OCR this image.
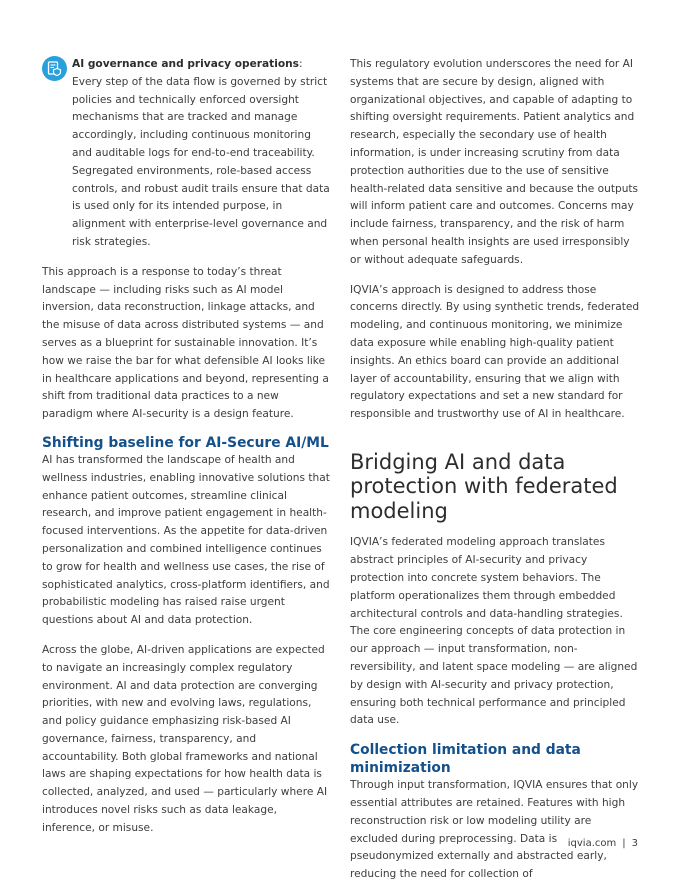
AI governance and privacy operations: Every step of the data flow is governed by strict policies and technically enforced oversight mechanisms that are tracked and manage accordingly, including continuous monitoring and auditable logs for end-to-end traceability. Segregated environments, role-based access controls, and robust audit trails ensure that data is used only for its intended purpose, in alignment with enterprise-level governance and risk strategies.

This approach is a response to today’s threat landscape — including risks such as AI model inversion, data reconstruction, linkage attacks, and the misuse of data across distributed systems — and serves as a blueprint for sustainable innovation. It’s how we raise the bar for what defensible AI looks like in healthcare applications and beyond, representing a shift from traditional data practices to a new paradigm where AI-security is a design feature.

Shifting baseline for AI-Secure AI/ML

AI has transformed the landscape of health and wellness industries, enabling innovative solutions that enhance patient outcomes, streamline clinical research, and improve patient engagement in health-focused interventions. As the appetite for data-driven personalization and combined intelligence continues to grow for health and wellness use cases, the rise of sophisticated analytics, cross-platform identifiers, and probabilistic modeling has raised raise urgent questions about AI and data protection.

Across the globe, AI-driven applications are expected to navigate an increasingly complex regulatory environment. AI and data protection are converging priorities, with new and evolving laws, regulations, and policy guidance emphasizing risk-based AI governance, fairness, transparency, and accountability. Both global frameworks and national laws are shaping expectations for how health data is collected, analyzed, and used — particularly where AI introduces novel risks such as data leakage, inference, or misuse.

This regulatory evolution underscores the need for AI systems that are secure by design, aligned with organizational objectives, and capable of adapting to shifting oversight requirements. Patient analytics and research, especially the secondary use of health information, is under increasing scrutiny from data protection authorities due to the use of sensitive health-related data sensitive and because the outputs will inform patient care and outcomes. Concerns may include fairness, transparency, and the risk of harm when personal health insights are used irresponsibly or without adequate safeguards.

IQVIA’s approach is designed to address those concerns directly. By using synthetic trends, federated modeling, and continuous monitoring, we minimize data exposure while enabling high-quality patient insights. An ethics board can provide an additional layer of accountability, ensuring that we align with regulatory expectations and set a new standard for responsible and trustworthy use of AI in healthcare.

Bridging AI and data protection with federated modeling

IQVIA’s federated modeling approach translates abstract principles of AI-security and privacy protection into concrete system behaviors. The platform operationalizes them through embedded architectural controls and data-handling strategies. The core engineering concepts of data protection in our approach — input transformation, non-reversibility, and latent space modeling — are aligned by design with AI-security and privacy protection, ensuring both technical performance and principled data use.

Collection limitation and data minimization

Through input transformation, IQVIA ensures that only essential attributes are retained. Features with high reconstruction risk or low modeling utility are excluded during preprocessing. Data is pseudonymized externally and abstracted early, reducing the need for collection of

iqvia.com | 3
